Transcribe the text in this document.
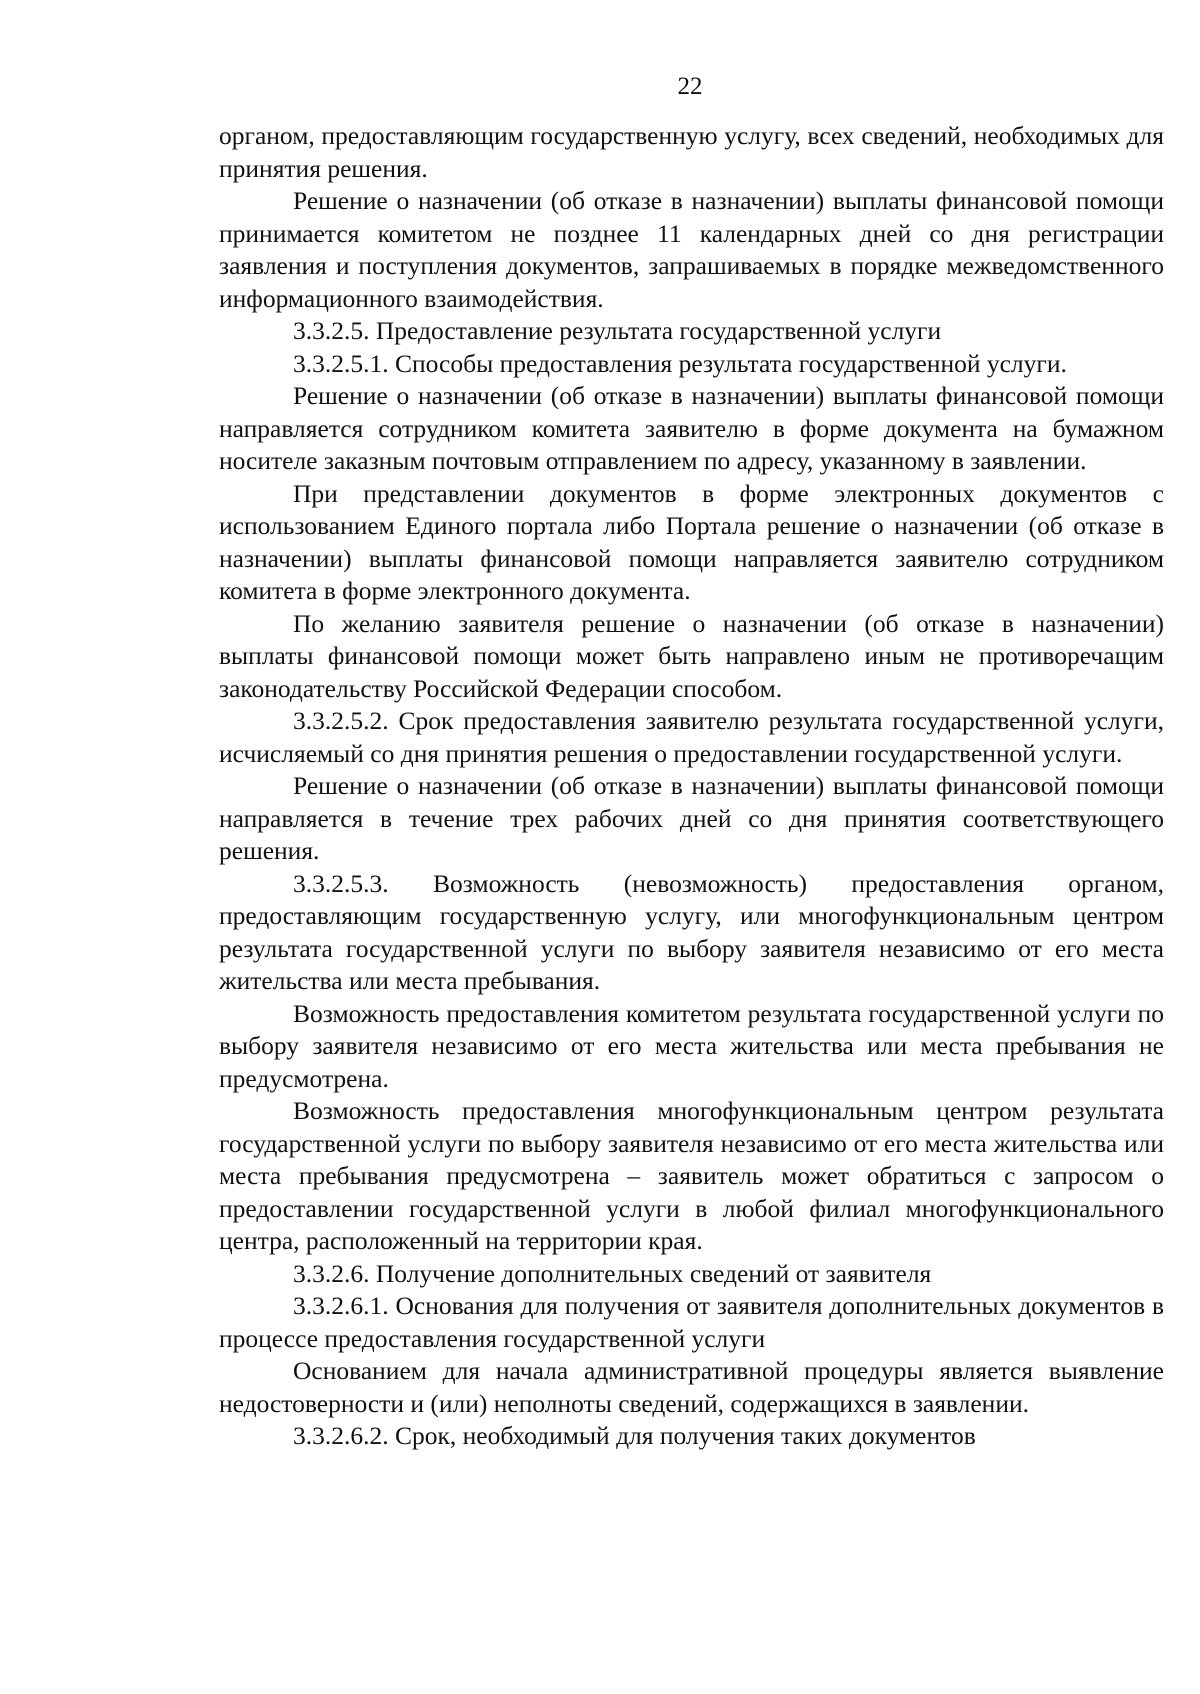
22

органом, предоставляющим государственную услугу, всех сведений, необходимых для принятия решения.

Решение о назначении (об отказе в назначении) выплаты финансовой помощи принимается комитетом не позднее 11 календарных дней со дня регистрации заявления и поступления документов, запрашиваемых в порядке межведомственного информационного взаимодействия.

3.3.2.5. Предоставление результата государственной услуги

3.3.2.5.1. Способы предоставления результата государственной услуги.

Решение о назначении (об отказе в назначении) выплаты финансовой помощи направляется сотрудником комитета заявителю в форме документа на бумажном носителе заказным почтовым отправлением по адресу, указанному в заявлении.

При представлении документов в форме электронных документов с использованием Единого портала либо Портала решение о назначении (об отказе в назначении) выплаты финансовой помощи направляется заявителю сотрудником комитета в форме электронного документа.

По желанию заявителя решение о назначении (об отказе в назначении) выплаты финансовой помощи может быть направлено иным не противоречащим законодательству Российской Федерации способом.

3.3.2.5.2. Срок предоставления заявителю результата государственной услуги, исчисляемый со дня принятия решения о предоставлении государственной услуги.

Решение о назначении (об отказе в назначении) выплаты финансовой помощи направляется в течение трех рабочих дней со дня принятия соответствующего решения.

3.3.2.5.3. Возможность (невозможность) предоставления органом, предоставляющим государственную услугу, или многофункциональным центром результата государственной услуги по выбору заявителя независимо от его места жительства или места пребывания.

Возможность предоставления комитетом результата государственной услуги по выбору заявителя независимо от его места жительства или места пребывания не предусмотрена.

Возможность предоставления многофункциональным центром результата государственной услуги по выбору заявителя независимо от его места жительства или места пребывания предусмотрена – заявитель может обратиться с запросом о предоставлении государственной услуги в любой филиал многофункционального центра, расположенный на территории края.

3.3.2.6. Получение дополнительных сведений от заявителя

3.3.2.6.1. Основания для получения от заявителя дополнительных документов в процессе предоставления государственной услуги

Основанием для начала административной процедуры является выявление недостоверности и (или) неполноты сведений, содержащихся в заявлении.

3.3.2.6.2. Срок, необходимый для получения таких документов
